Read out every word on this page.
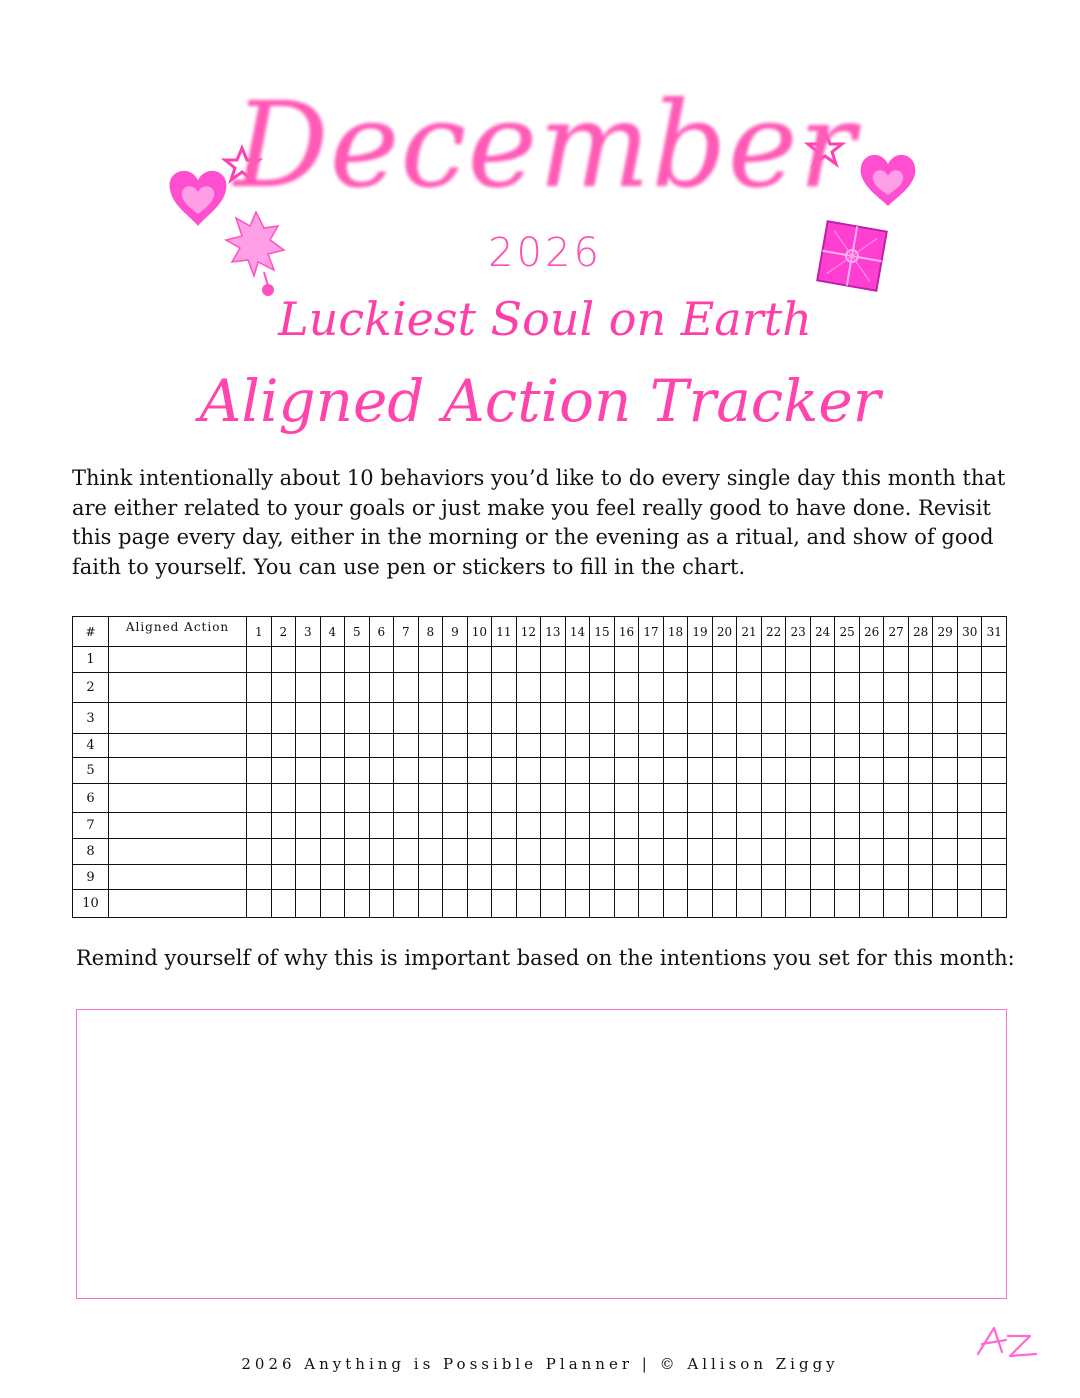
December
2026
Luckiest Soul on Earth
Aligned Action Tracker
Think intentionally about 10 behaviors you’d like to do every single day this month that are either related to your goals or just make you feel really good to have done. Revisit this page every day, either in the morning or the evening as a ritual, and show of good faith to yourself. You can use pen or stickers to fill in the chart.
#	Aligned Action	1	2	3	4	5	6	7	8	9	10	11	12	13	14	15	16	17	18	19	20	21	22	23	24	25	26	27	28	29	30	31
1																																
2																																
3																																
4																																
5																																
6																																
7																																
8																																
9																																
10																																
Remind yourself of why this is important based on the intentions you set for this month:
2026 Anything is Possible Planner | © Allison Ziggy
